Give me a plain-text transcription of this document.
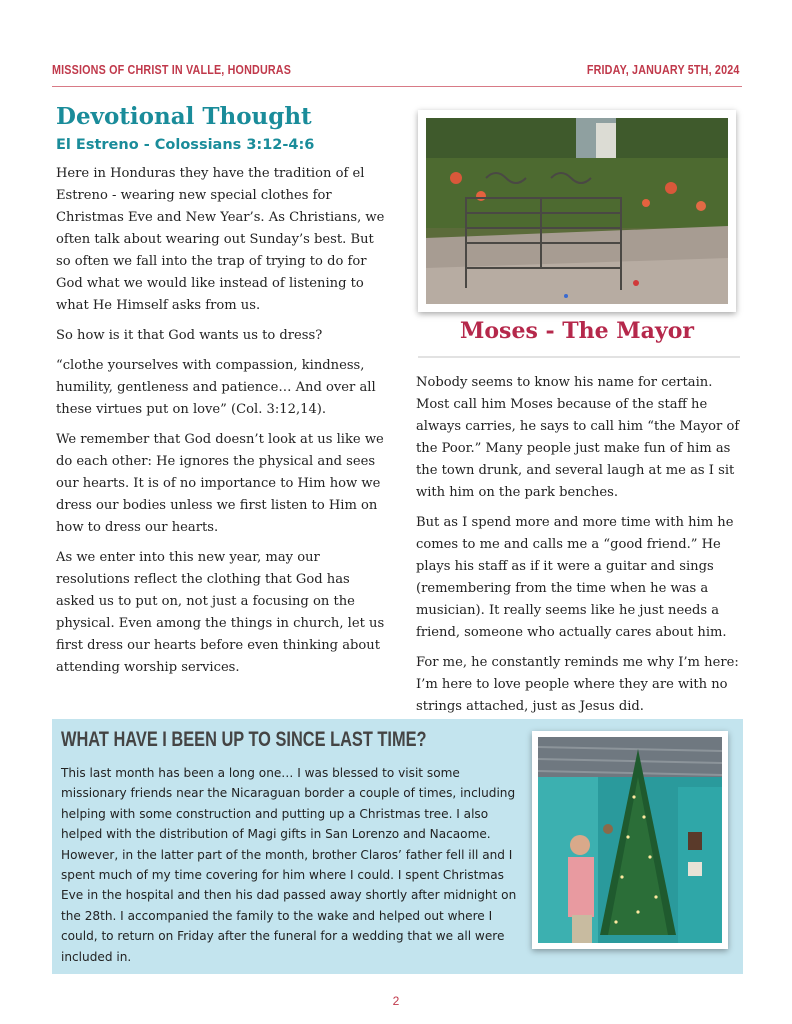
MISSIONS OF CHRIST IN VALLE, HONDURAS	FRIDAY, JANUARY 5TH, 2024
Devotional Thought
El Estreno - Colossians 3:12-4:6

Here in Honduras they have the tradition of el Estreno - wearing new special clothes for Christmas Eve and New Year’s. As Christians, we often talk about wearing out Sunday’s best. But so often we fall into the trap of trying to do for God what we would like instead of listening to what He Himself asks from us.

So how is it that God wants us to dress?

“clothe yourselves with compassion, kindness, humility, gentleness and patience… And over all these virtues put on love” (Col. 3:12,14).

We remember that God doesn’t look at us like we do each other: He ignores the physical and sees our hearts. It is of no importance to Him how we dress our bodies unless we first listen to Him on how to dress our hearts.

As we enter into this new year, may our resolutions reflect the clothing that God has asked us to put on, not just a focusing on the physical. Even among the things in church, let us first dress our hearts before even thinking about attending worship services.

Moses - The Mayor

Nobody seems to know his name for certain. Most call him Moses because of the staff he always carries, he says to call him “the Mayor of the Poor.” Many people just make fun of him as the town drunk, and several laugh at me as I sit with him on the park benches.

But as I spend more and more time with him he comes to me and calls me a “good friend.” He plays his staff as if it were a guitar and sings (remembering from the time when he was a musician). It really seems like he just needs a friend, someone who actually cares about him.

For me, he constantly reminds me why I’m here: I’m here to love people where they are with no strings attached, just as Jesus did.

WHAT HAVE I BEEN UP TO SINCE LAST TIME?

This last month has been a long one… I was blessed to visit some missionary friends near the Nicaraguan border a couple of times, including helping with some construction and putting up a Christmas tree. I also helped with the distribution of Magi gifts in San Lorenzo and Nacaome. However, in the latter part of the month, brother Claros’ father fell ill and I spent much of my time covering for him where I could. I spent Christmas Eve in the hospital and then his dad passed away shortly after midnight on the 28th. I accompanied the family to the wake and helped out where I could, to return on Friday after the funeral for a wedding that we all were included in.

2
